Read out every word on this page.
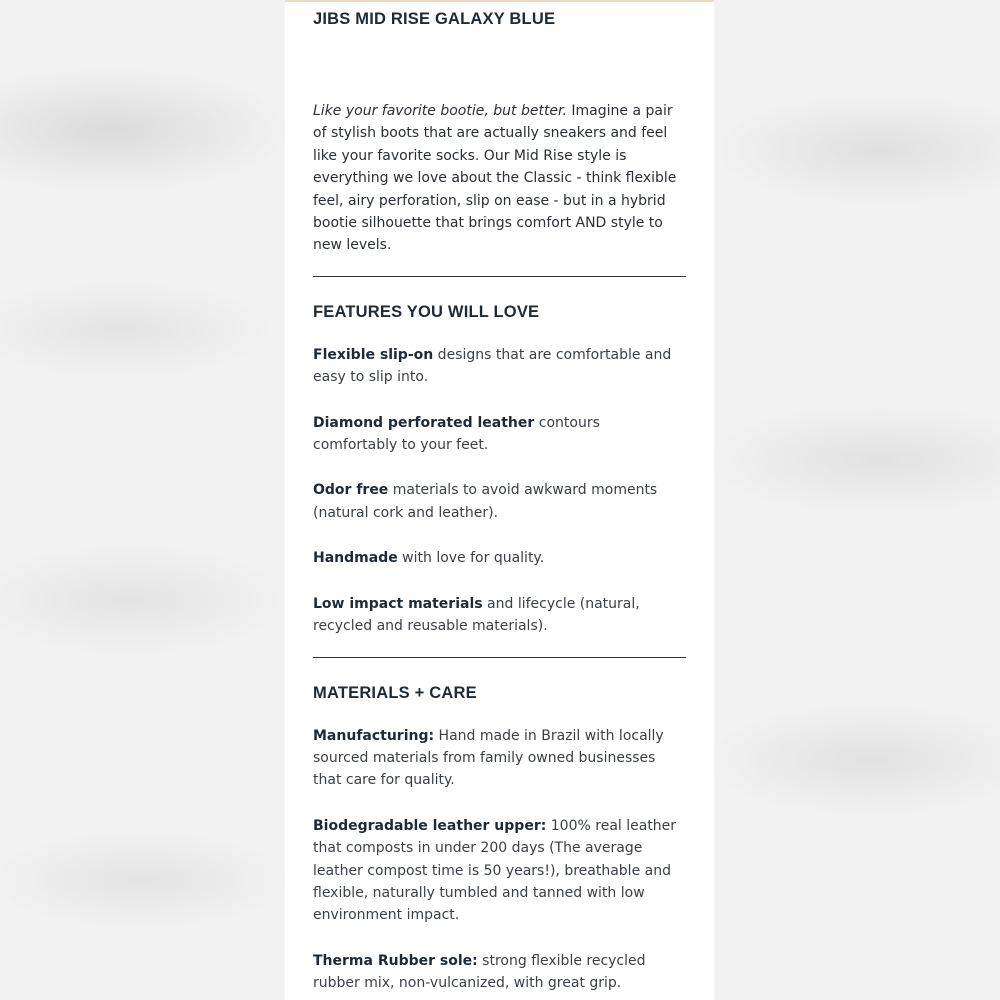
JIBS MID RISE GALAXY BLUE

Like your favorite bootie, but better. Imagine a pair of stylish boots that are actually sneakers and feel like your favorite socks. Our Mid Rise style is everything we love about the Classic - think flexible feel, airy perforation, slip on ease - but in a hybrid bootie silhouette that brings comfort AND style to new levels.

FEATURES YOU WILL LOVE

Flexible slip-on designs that are comfortable and easy to slip into.

Diamond perforated leather contours comfortably to your feet.

Odor free materials to avoid awkward moments (natural cork and leather).

Handmade with love for quality.

Low impact materials and lifecycle (natural, recycled and reusable materials).

MATERIALS + CARE

Manufacturing: Hand made in Brazil with locally sourced materials from family owned businesses that care for quality.

Biodegradable leather upper: 100% real leather that composts in under 200 days (The average leather compost time is 50 years!), breathable and flexible, naturally tumbled and tanned with low environment impact.

Therma Rubber sole: strong flexible recycled rubber mix, non-vulcanized, with great grip.
